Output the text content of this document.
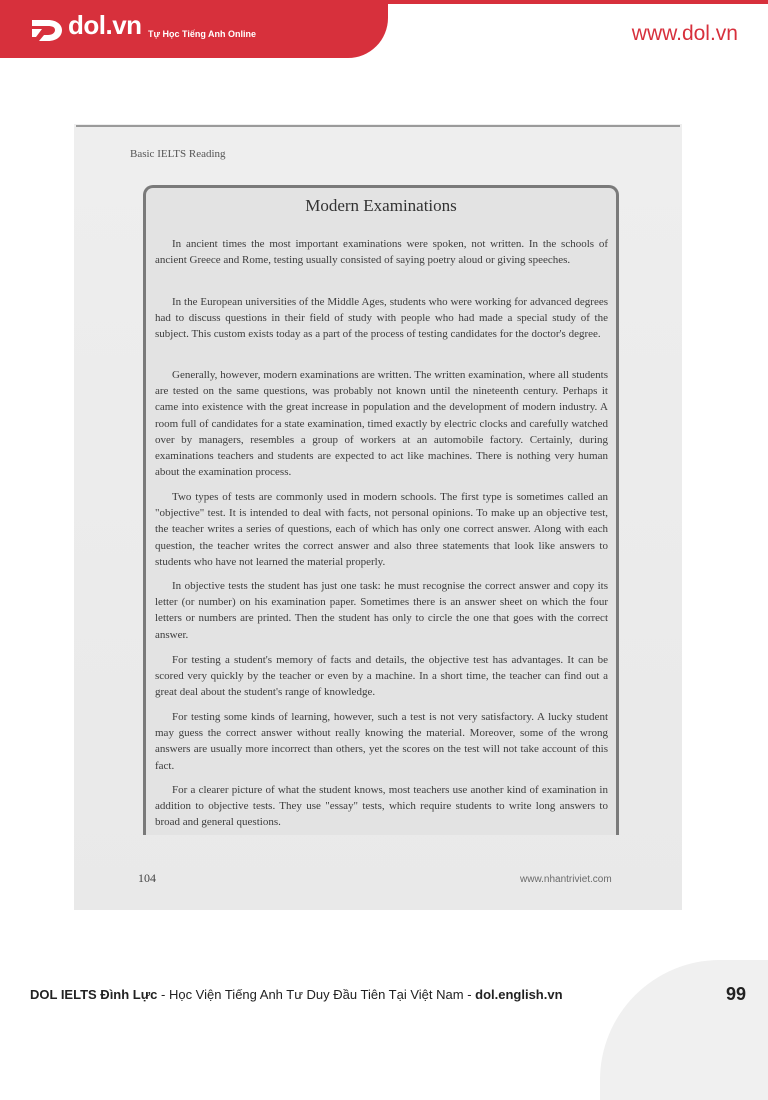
dol.vn Tự Học Tiếng Anh Online	www.dol.vn
Basic IELTS Reading
Modern Examinations

In ancient times the most important examinations were spoken, not written. In the schools of ancient Greece and Rome, testing usually consisted of saying poetry aloud or giving speeches.

In the European universities of the Middle Ages, students who were working for advanced degrees had to discuss questions in their field of study with people who had made a special study of the subject. This custom exists today as a part of the process of testing candidates for the doctor's degree.

Generally, however, modern examinations are written. The written examination, where all students are tested on the same questions, was probably not known until the nineteenth century. Perhaps it came into existence with the great increase in population and the development of modern industry. A room full of candidates for a state examination, timed exactly by electric clocks and carefully watched over by managers, resembles a group of workers at an automobile factory. Certainly, during examinations teachers and students are expected to act like machines. There is nothing very human about the examination process.

Two types of tests are commonly used in modern schools. The first type is sometimes called an "objective" test. It is intended to deal with facts, not personal opinions. To make up an objective test, the teacher writes a series of questions, each of which has only one correct answer. Along with each question, the teacher writes the correct answer and also three statements that look like answers to students who have not learned the material properly.

In objective tests the student has just one task: he must recognise the correct answer and copy its letter (or number) on his examination paper. Sometimes there is an answer sheet on which the four letters or numbers are printed. Then the student has only to circle the one that goes with the correct answer.

For testing a student's memory of facts and details, the objective test has advantages. It can be scored very quickly by the teacher or even by a machine. In a short time, the teacher can find out a great deal about the student's range of knowledge.

For testing some kinds of learning, however, such a test is not very satisfactory. A lucky student may guess the correct answer without really knowing the material. Moreover, some of the wrong answers are usually more incorrect than others, yet the scores on the test will not take account of this fact.

For a clearer picture of what the student knows, most teachers use another kind of examination in addition to objective tests. They use "essay" tests, which require students to write long answers to broad and general questions.

104	www.nhantriviet.com
DOL IELTS Đình Lực - Học Viện Tiếng Anh Tư Duy Đầu Tiên Tại Việt Nam - dol.english.vn	99
